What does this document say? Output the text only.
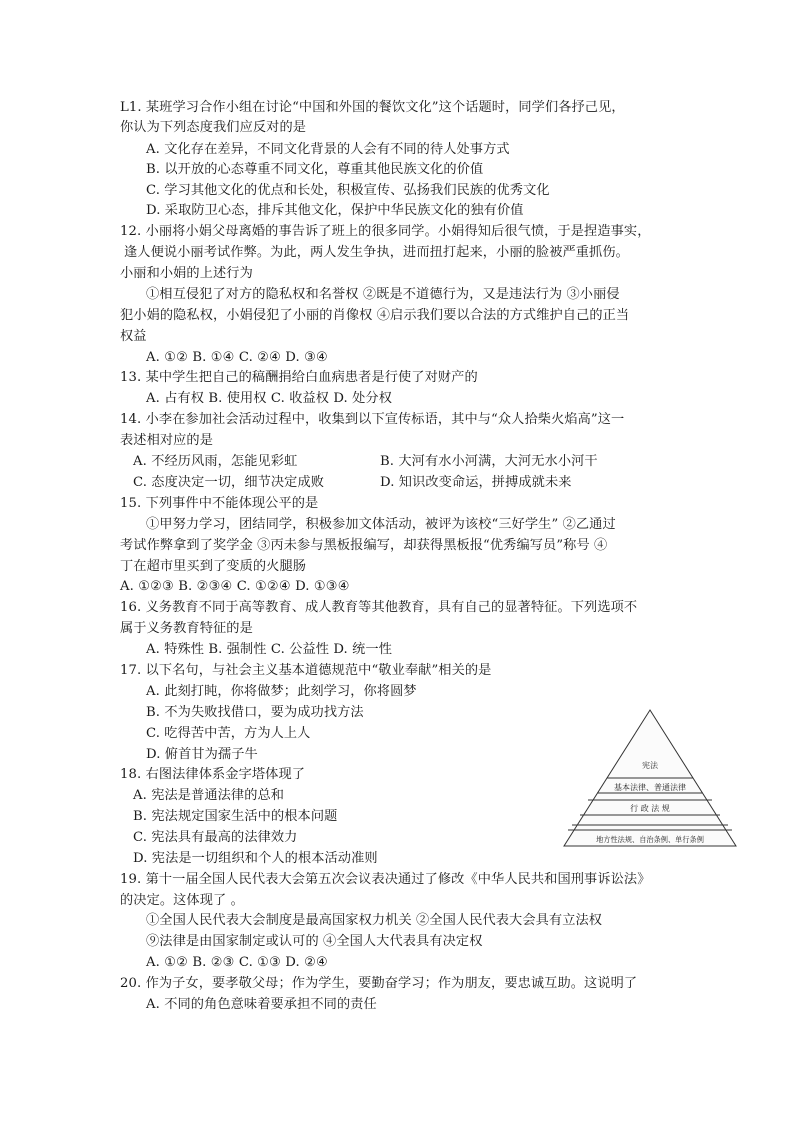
L1. 某班学习合作小组在讨论“中国和外国的餐饮文化”这个话题时，同学们各抒己见，
你认为下列态度我们应反对的是
A. 文化存在差异，不同文化背景的人会有不同的待人处事方式
B. 以开放的心态尊重不同文化，尊重其他民族文化的价值
C. 学习其他文化的优点和长处，积极宣传、弘扬我们民族的优秀文化
D. 采取防卫心态，排斥其他文化，保护中华民族文化的独有价值
12. 小丽将小娟父母离婚的事告诉了班上的很多同学。小娟得知后很气愤，于是捏造事实，
逢人便说小丽考试作弊。为此，两人发生争执，进而扭打起来，小丽的脸被严重抓伤。
小丽和小娟的上述行为
①相互侵犯了对方的隐私权和名誉权 ②既是不道德行为，又是违法行为 ③小丽侵
犯小娟的隐私权，小娟侵犯了小丽的肖像权 ④启示我们要以合法的方式维护自己的正当
权益
A. ①② B. ①④ C. ②④ D. ③④
13. 某中学生把自己的稿酬捐给白血病患者是行使了对财产的
A. 占有权 B. 使用权 C. 收益权 D. 处分权
14. 小李在参加社会活动过程中，收集到以下宣传标语，其中与“众人拾柴火焰高”这一
表述相对应的是
A. 不经历风雨，怎能见彩虹	B. 大河有水小河满，大河无水小河干
C. 态度决定一切，细节决定成败	D. 知识改变命运，拼搏成就未来
15. 下列事件中不能体现公平的是
①甲努力学习，团结同学，积极参加文体活动，被评为该校“三好学生” ②乙通过
考试作弊拿到了奖学金 ③丙未参与黑板报编写，却获得黑板报“优秀编写员”称号 ④
丁在超市里买到了变质的火腿肠
A. ①②③ B. ②③④ C. ①②④ D. ①③④
16. 义务教育不同于高等教育、成人教育等其他教育，具有自己的显著特征。下列选项不
属于义务教育特征的是
A. 特殊性 B. 强制性 C. 公益性 D. 统一性
17. 以下名句，与社会主义基本道德规范中“敬业奉献”相关的是
A. 此刻打盹，你将做梦；此刻学习，你将圆梦
B. 不为失败找借口，要为成功找方法
C. 吃得苦中苦，方为人上人
D. 俯首甘为孺子牛
18. 右图法律体系金字塔体现了
A. 宪法是普通法律的总和
B. 宪法规定国家生活中的根本问题
C. 宪法具有最高的法律效力
D. 宪法是一切组织和个人的根本活动准则
19. 第十一届全国人民代表大会第五次会议表决通过了修改《中华人民共和国刑事诉讼法》
的决定。这体现了 。
①全国人民代表大会制度是最高国家权力机关 ②全国人民代表大会具有立法权
⑨法律是由国家制定或认可的 ④全国人大代表具有决定权
A. ①② B. ②③ C. ①③ D. ②④
20. 作为子女，要孝敬父母；作为学生，要勤奋学习；作为朋友，要忠诚互助。这说明了
A. 不同的角色意味着要承担不同的责任
宪法
基本法律、普通法律
行 政 法 规
地方性法规、自治条例、单行条例
